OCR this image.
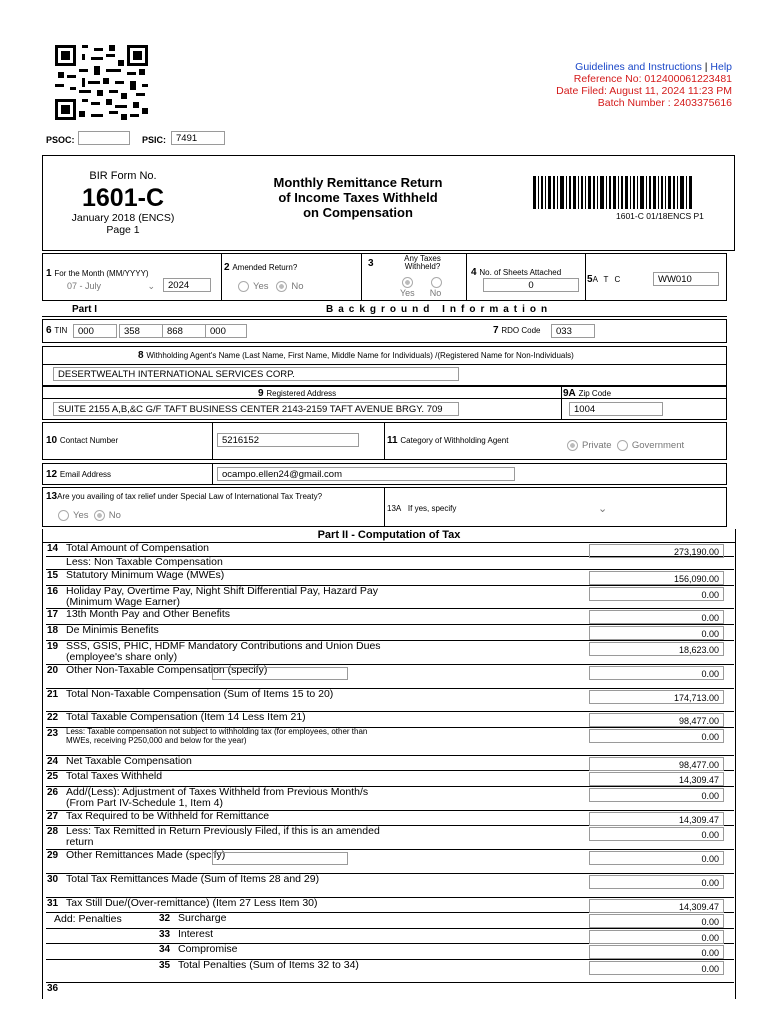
Guidelines and Instructions | Help
Reference No: 012400061223481
Date Filed: August 11, 2024 11:23 PM
Batch Number : 2403375616
PSOC:	PSIC:	7491
BIR Form No.
1601-C
January 2018 (ENCS)
Page 1
Monthly Remittance Return
of Income Taxes Withheld
on Compensation	1601-C 01/18ENCS P1
1 For the Month (MM/YYYY)
07 - July	⌄	2024
2 Amended Return?
Yes No
3	Any Taxes
Withheld?

Yes No
4 No. of Sheets Attached
0
5A T C	WW010
Part I	Background Information
6 TIN	000	358	868	000	7 RDO Code	033
8 Withholding Agent's Name (Last Name, First Name, Middle Name for Individuals) /(Registered Name for Non-Individuals)
DESERTWEALTH INTERNATIONAL SERVICES CORP.
9 Registered Address	9A Zip Code
SUITE 2155 A,B,&C G/F TAFT BUSINESS CENTER 2143-2159 TAFT AVENUE BRGY. 709	1004
10 Contact Number	5216152	11 Category of Withholding Agent	Private Government
12 Email Address	ocampo.ellen24@gmail.com
13Are you availing of tax relief under Special Law of International Tax Treaty?
Yes No
13A If yes, specify	⌄
Part II - Computation of Tax
14 Total Amount of Compensation	273,190.00
Less: Non Taxable Compensation
15 Statutory Minimum Wage (MWEs)	156,090.00
16 Holiday Pay, Overtime Pay, Night Shift Differential Pay, Hazard Pay (Minimum Wage Earner)
0.00
17 13th Month Pay and Other Benefits	0.00
18 De Minimis Benefits	0.00
19 SSS, GSIS, PHIC, HDMF Mandatory Contributions and Union Dues (employee's share only)
18,623.00
20 Other Non-Taxable Compensation (specify)	0.00
21 Total Non-Taxable Compensation (Sum of Items 15 to 20)	174,713.00
22 Total Taxable Compensation (Item 14 Less Item 21)	98,477.00
23 Less: Taxable compensation not subject to withholding tax (for employees, other than MWEs, receiving P250,000 and below for the year)	0.00
24 Net Taxable Compensation	98,477.00
25 Total Taxes Withheld	14,309.47
26 Add/(Less): Adjustment of Taxes Withheld from Previous Month/s (From Part IV-Schedule 1, Item 4)
0.00
27 Tax Required to be Withheld for Remittance	14,309.47
28 Less: Tax Remitted in Return Previously Filed, if this is an amended return
0.00
29 Other Remittances Made (specify)	0.00
30 Total Tax Remittances Made (Sum of Items 28 and 29)	0.00
31 Tax Still Due/(Over-remittance) (Item 27 Less Item 30)	14,309.47
32 Surcharge	0.00
33 Interest	0.00
34 Compromise	0.00
35 Total Penalties (Sum of Items 32 to 34)	0.00
36
Add: Penalties
